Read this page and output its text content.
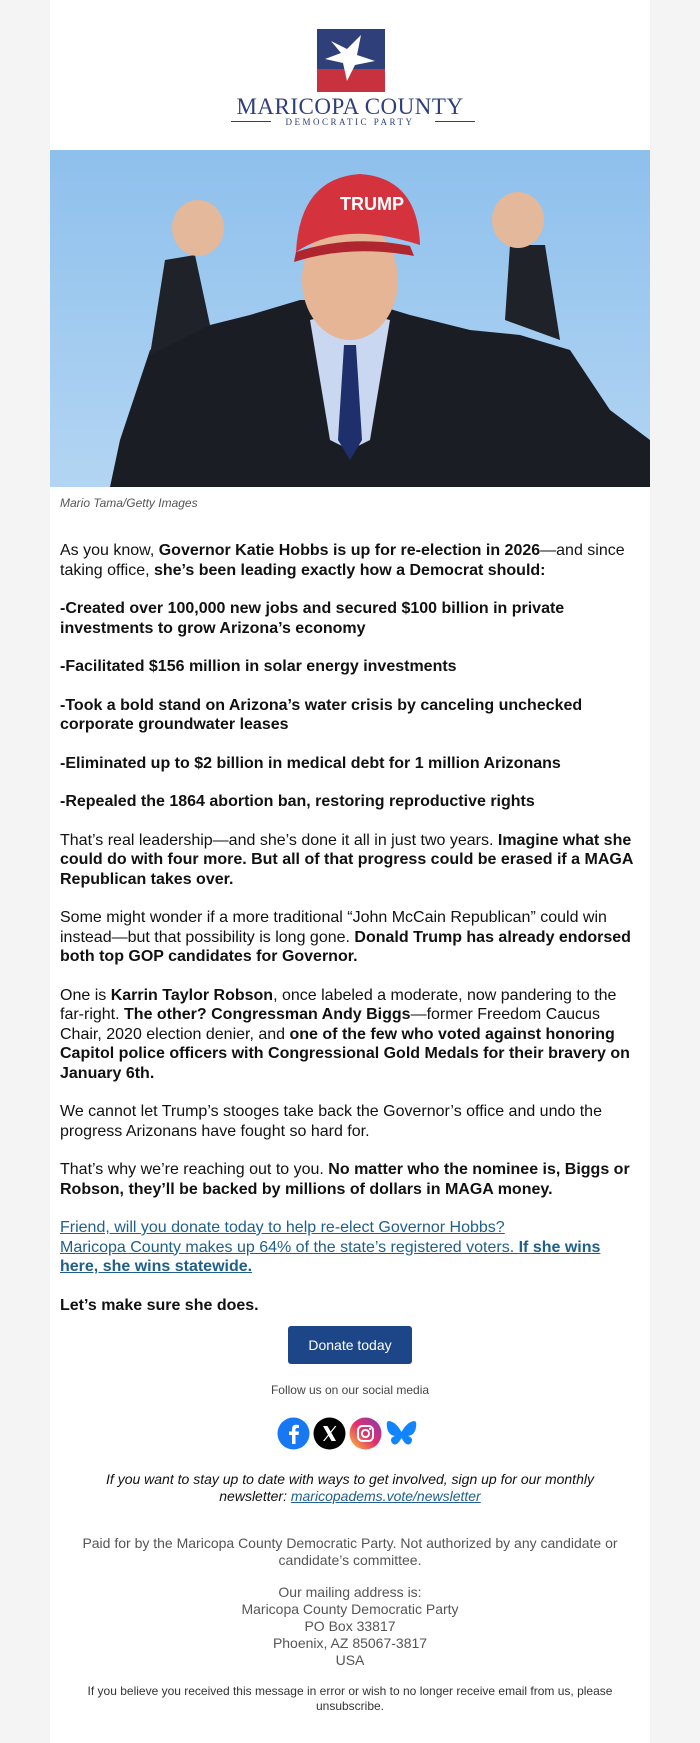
MARICOPA COUNTY
DEMOCRATIC PARTY
TRUMP
Mario Tama/Getty Images

As you know, Governor Katie Hobbs is up for re-election in 2026—and since taking office, she’s been leading exactly how a Democrat should:

-Created over 100,000 new jobs and secured $100 billion in private investments to grow Arizona’s economy

-Facilitated $156 million in solar energy investments

-Took a bold stand on Arizona’s water crisis by canceling unchecked corporate groundwater leases

-Eliminated up to $2 billion in medical debt for 1 million Arizonans

-Repealed the 1864 abortion ban, restoring reproductive rights

That’s real leadership—and she’s done it all in just two years. Imagine what she could do with four more. But all of that progress could be erased if a MAGA Republican takes over.

Some might wonder if a more traditional “John McCain Republican” could win instead—but that possibility is long gone. Donald Trump has already endorsed both top GOP candidates for Governor.

One is Karrin Taylor Robson, once labeled a moderate, now pandering to the far-right. The other? Congressman Andy Biggs—former Freedom Caucus Chair, 2020 election denier, and one of the few who voted against honoring Capitol police officers with Congressional Gold Medals for their bravery on January 6th.

We cannot let Trump’s stooges take back the Governor’s office and undo the progress Arizonans have fought so hard for.

That’s why we’re reaching out to you. No matter who the nominee is, Biggs or Robson, they’ll be backed by millions of dollars in MAGA money.

Friend, will you donate today to help re-elect Governor Hobbs?
Maricopa County makes up 64% of the state’s registered voters. If she wins here, she wins statewide.

Let’s make sure she does.

Donate today
Follow us on our social media
If you want to stay up to date with ways to get involved, sign up for our monthly newsletter: maricopadems.vote/newsletter
Paid for by the Maricopa County Democratic Party. Not authorized by any candidate or candidate’s committee.
Our mailing address is:
Maricopa County Democratic Party
PO Box 33817
Phoenix, AZ 85067-3817
USA
If you believe you received this message in error or wish to no longer receive email from us, please unsubscribe.
